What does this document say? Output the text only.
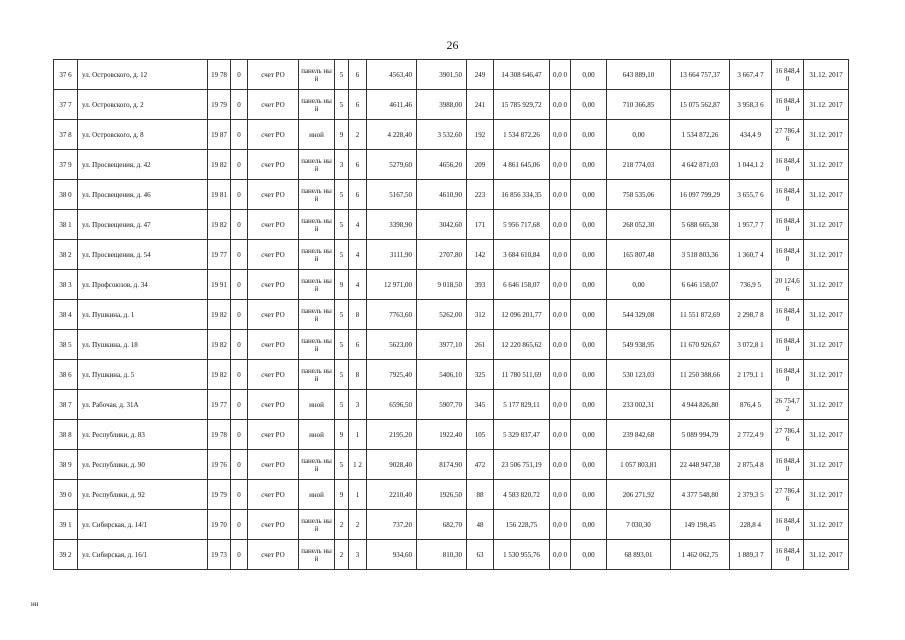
26
37 6	ул. Островского, д. 12	19 78	0	счет РО	панель ный	5	6	4563,40	3901,50	249	14 308 646,47	0,0 0	0,00	643 889,10	13 664 757,37	3 667,4 7	16 848,4 0	31.12. 2017
37 7	ул. Островского, д. 2	19 79	0	счет РО	панель ный	5	6	4611,46	3988,00	241	15 785 929,72	0,0 0	0,00	710 366,85	15 075 562,87	3 958,3 6	16 848,4 0	31.12. 2017
37 8	ул. Островского, д. 8	19 87	0	счет РО	иной	9	2	4 228,40	3 532,60	192	1 534 872,26	0,0 0	0,00	0,00	1 534 872,26	434,4 9	27 786,4 6	31.12. 2017
37 9	ул. Просвещения, д. 42	19 82	0	счет РО	панель ный	3	6	5279,60	4656,20	209	4 861 645,06	0,0 0	0,00	218 774,03	4 642 871,03	1 044,1 2	16 848,4 0	31.12. 2017
38 0	ул. Просвещения, д. 46	19 81	0	счет РО	панель ный	5	6	5167,50	4610,90	223	16 856 334,35	0,0 0	0,00	758 535,06	16 097 799,29	3 655,7 6	16 848,4 0	31.12. 2017
38 1	ул. Просвещения, д. 47	19 82	0	счет РО	панель ный	5	4	3398,90	3042,60	171	5 956 717,68	0,0 0	0,00	268 052,30	5 688 665,38	1 957,7 7	16 848,4 0	31.12. 2017
38 2	ул. Просвещения, д. 54	19 77	0	счет РО	панель ный	5	4	3111,90	2707,80	142	3 684 610,84	0,0 0	0,00	165 807,48	3 518 803,36	1 360,7 4	16 848,4 0	31.12. 2017
38 3	ул. Профсоюзов, д. 34	19 91	0	счет РО	панель ный	9	4	12 971,00	9 018,50	393	6 646 158,07	0,0 0	0,00	0,00	6 646 158,07	736,9 5	20 124,6 6	31.12. 2017
38 4	ул. Пушкина, д. 1	19 82	0	счет РО	панель ный	5	8	7763,60	5262,00	312	12 096 201,77	0,0 0	0,00	544 329,08	11 551 872,69	2 298,7 8	16 848,4 0	31.12. 2017
38 5	ул. Пушкина, д. 18	19 82	0	счет РО	панель ный	5	6	5623,00	3977,10	261	12 220 865,62	0,0 0	0,00	549 938,95	11 670 926,67	3 072,8 1	16 848,4 0	31.12. 2017
38 6	ул. Пушкина, д. 5	19 82	0	счет РО	панель ный	5	8	7925,40	5406,10	325	11 780 511,69	0,0 0	0,00	530 123,03	11 250 388,66	2 179,1 1	16 848,4 0	31.12. 2017
38 7	ул. Рабочая, д. 31А	19 77	0	счет РО	иной	5	3	6596,50	5907,70	345	5 177 829,11	0,0 0	0,00	233 002,31	4 944 826,80	876,4 5	26 754,7 2	31.12. 2017
38 8	ул. Республики, д. 83	19 78	0	счет РО	иной	9	1	2195,20	1922,40	105	5 329 837,47	0,0 0	0,00	239 842,68	5 089 994,79	2 772,4 9	27 786,4 6	31.12. 2017
38 9	ул. Республики, д. 90	19 76	0	счет РО	панель ный	5	1 2	9028,40	8174,90	472	23 506 751,19	0,0 0	0,00	1 057 803,81	22 448 947,38	2 875,4 8	16 848,4 0	31.12. 2017
39 0	ул. Республики, д. 92	19 79	0	счет РО	иной	9	1	2210,40	1926,50	88	4 583 820,72	0,0 0	0,00	206 271,92	4 377 548,80	2 379,3 5	27 786,4 6	31.12. 2017
39 1	ул. Сибирская, д. 14/1	19 70	0	счет РО	панель ный	2	2	737,20	682,70	48	156 228,75	0,0 0	0,00	7 030,30	149 198,45	228,8 4	16 848,4 0	31.12. 2017
39 2	ул. Сибирская, д. 16/1	19 73	0	счет РО	панель ный	2	3	934,60	810,30	63	1 530 955,76	0,0 0	0,00	68 893,01	1 462 062,75	1 889,3 7	16 848,4 0	31.12. 2017
нн
